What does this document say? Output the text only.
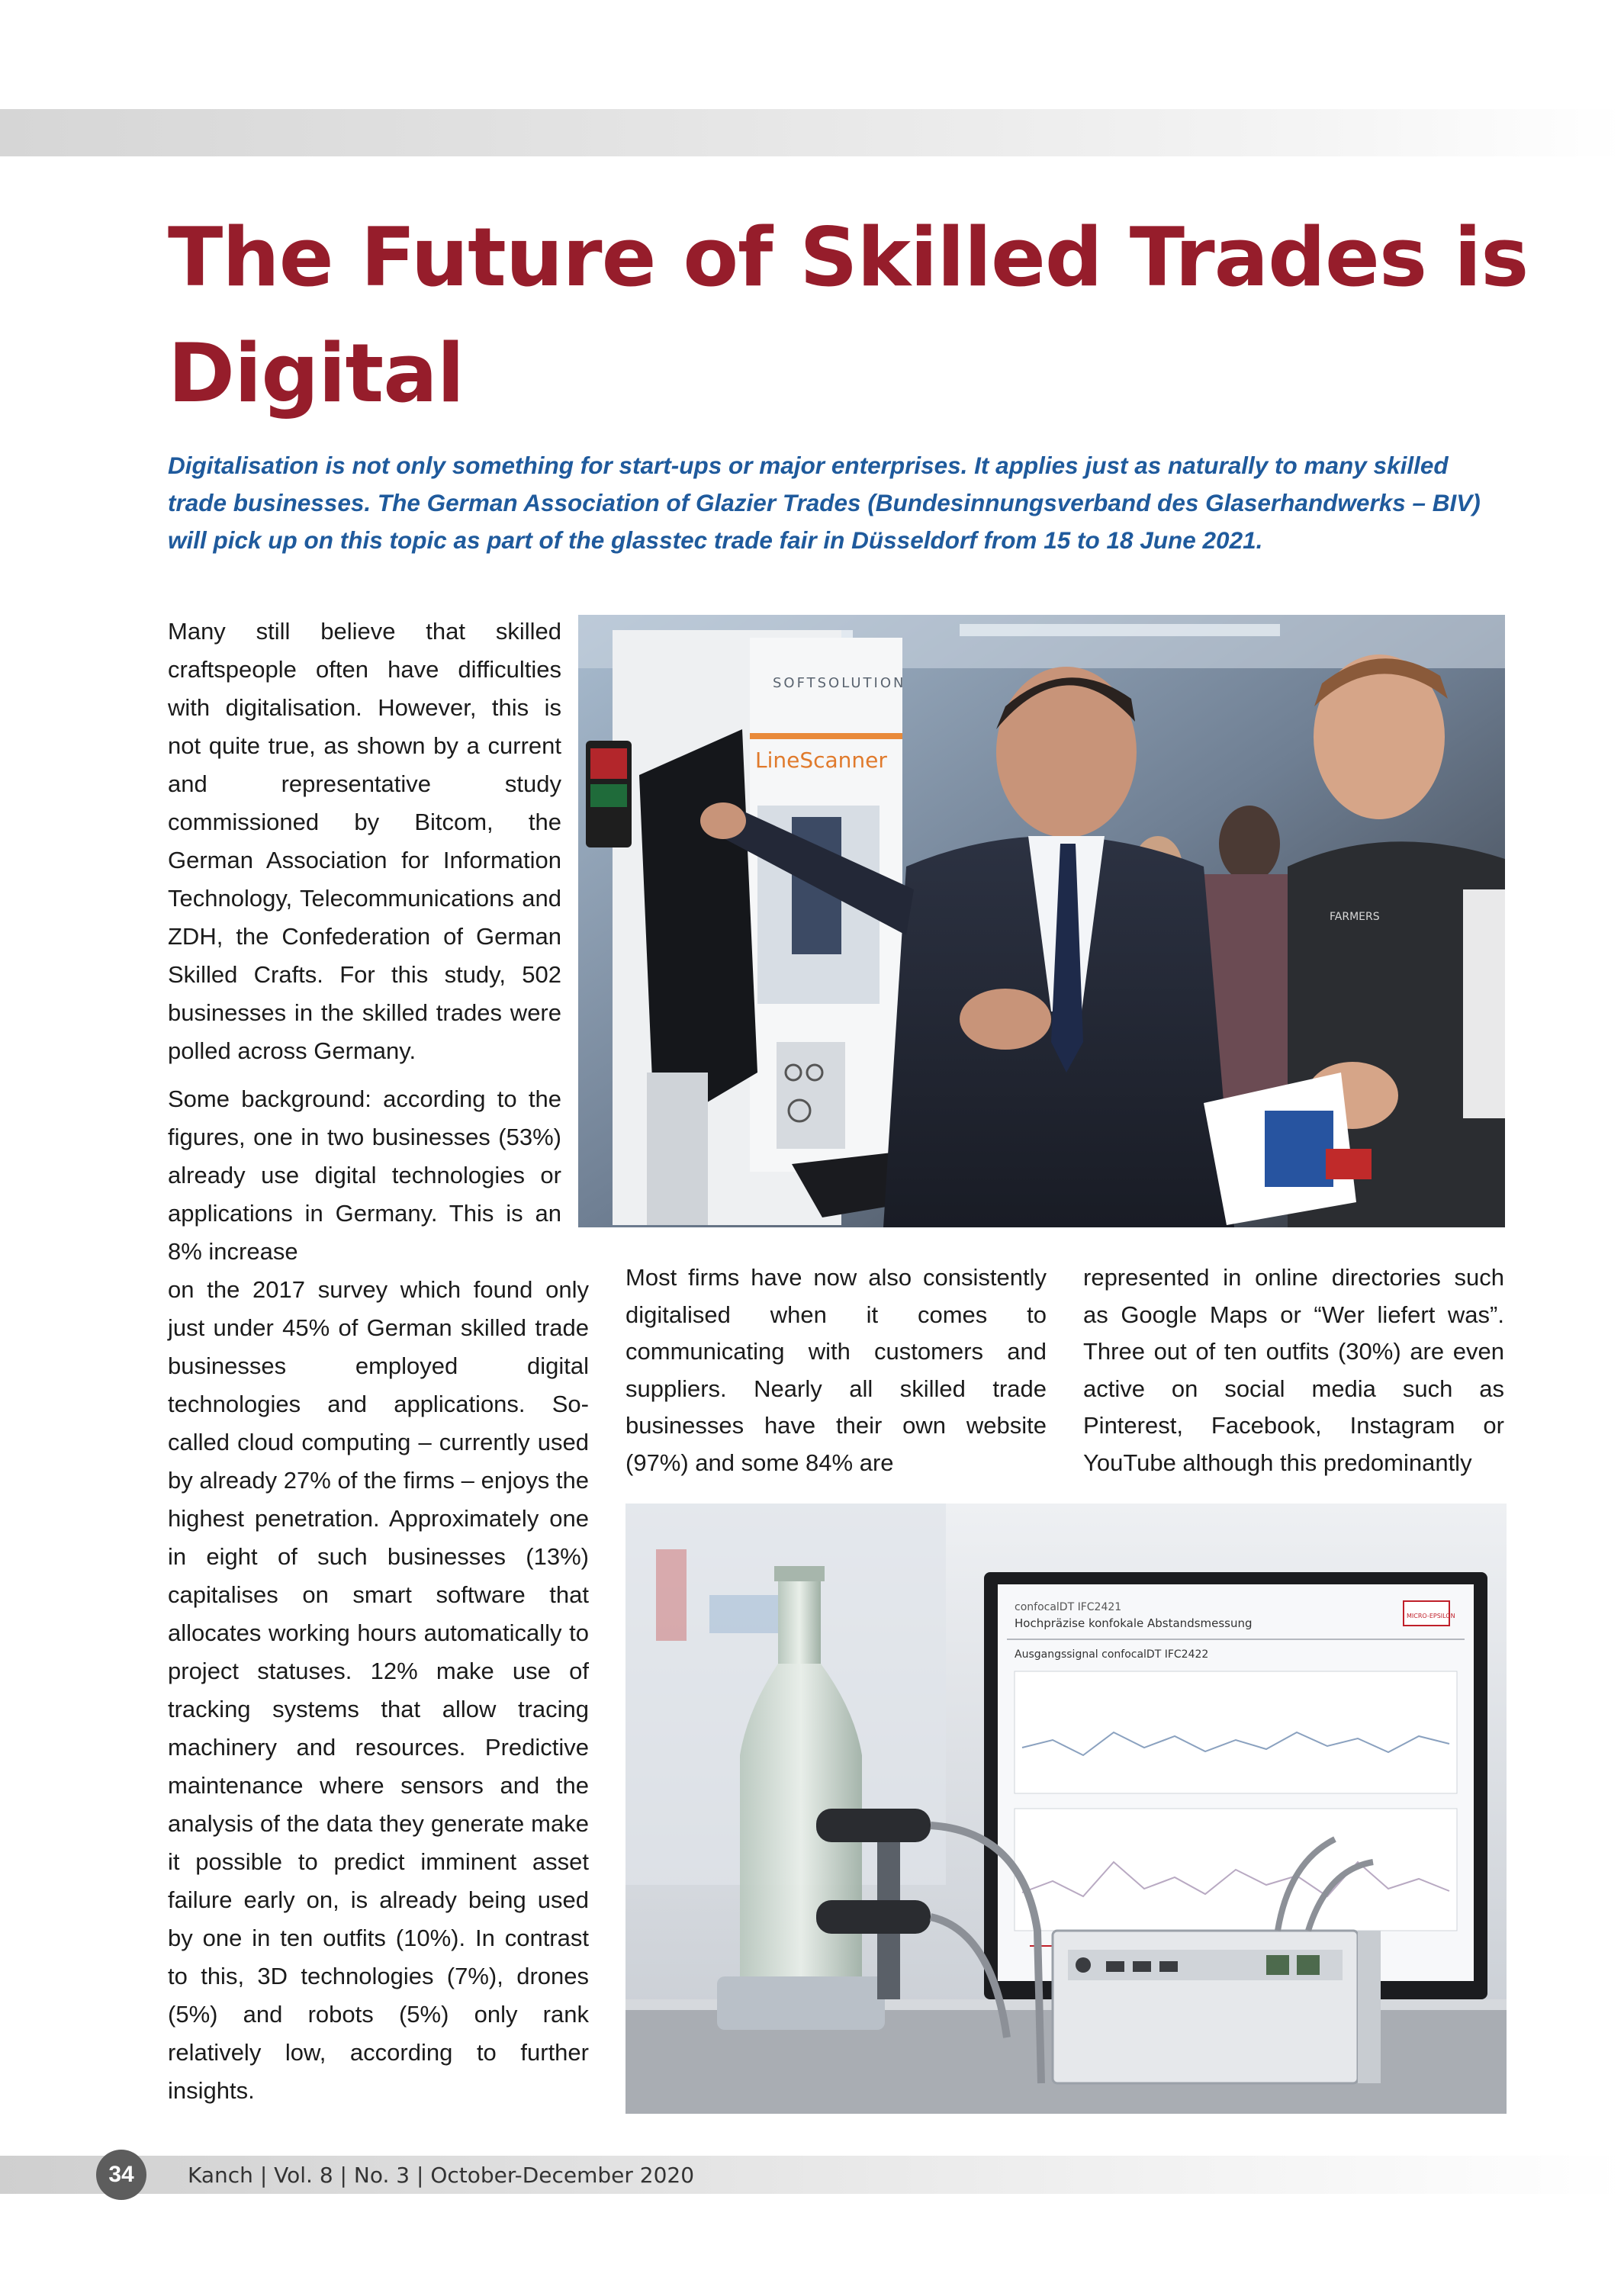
The Future of Skilled Trades is Digital

Digitalisation is not only something for start-ups or major enterprises. It applies just as naturally to many skilled trade businesses. The German Association of Glazier Trades (Bundesinnungsverband des Glaserhandwerks – BIV) will pick up on this topic as part of the glasstec trade fair in Düsseldorf from 15 to 18 June 2021.

Many still believe that skilled craftspeople often have difficulties with digitalisation. However, this is not quite true, as shown by a current and representative study commissioned by Bitcom, the German Association for Information Technology, Telecommunications and ZDH, the Confederation of German Skilled Crafts. For this study, 502 businesses in the skilled trades were polled across Germany.

Some background: according to the figures, one in two businesses (53%) already use digital technologies or applications in Germany. This is an 8% increase

on the 2017 survey which found only just under 45% of German skilled trade businesses employed digital technologies and applications. So-called cloud computing – currently used by already 27% of the firms – enjoys the highest penetration. Approximately one in eight of such businesses (13%) capitalises on smart software that allocates working hours automatically to project statuses. 12% make use of tracking systems that allow tracing machinery and resources. Predictive maintenance where sensors and the analysis of the data they generate make it possible to predict imminent asset failure early on, is already being used by one in ten outfits (10%). In contrast to this, 3D technologies (7%), drones (5%) and robots (5%) only rank relatively low, according to further insights.

Most firms have now also consistently digitalised when it comes to communicating with customers and suppliers. Nearly all skilled trade businesses have their own website (97%) and some 84% are

represented in online directories such as Google Maps or “Wer liefert was”. Three out of ten outfits (30%) are even active on social media such as Pinterest, Facebook, Instagram or YouTube although this predominantly

SOFTSOLUTION
LineScanner
FARMERS
confocalDT IFC2421
Hochpräzise konfokale Abstandsmessung
MICRO-EPSILON
Ausgangssignal confocalDT IFC2422
34	Kanch | Vol. 8 | No. 3 | October-December 2020
